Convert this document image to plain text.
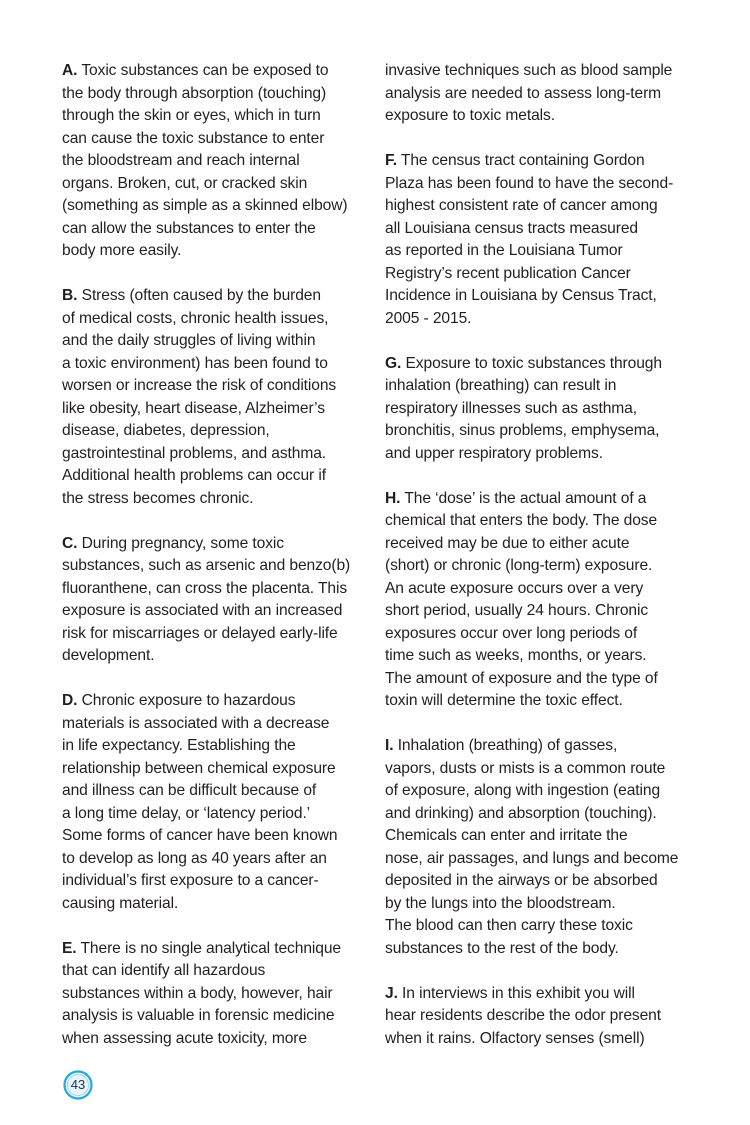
A. Toxic substances can be exposed to
the body through absorption (touching)
through the skin or eyes, which in turn
can cause the toxic substance to enter
the bloodstream and reach internal
organs. Broken, cut, or cracked skin
(something as simple as a skinned elbow)
can allow the substances to enter the
body more easily.
B. Stress (often caused by the burden
of medical costs, chronic health issues,
and the daily struggles of living within
a toxic environment) has been found to
worsen or increase the risk of conditions
like obesity, heart disease, Alzheimer’s
disease, diabetes, depression,
gastrointestinal problems, and asthma.
Additional health problems can occur if
the stress becomes chronic.
C. During pregnancy, some toxic
substances, such as arsenic and benzo(b)
fluoranthene, can cross the placenta. This
exposure is associated with an increased
risk for miscarriages or delayed early-life
development.
D. Chronic exposure to hazardous
materials is associated with a decrease
in life expectancy. Establishing the
relationship between chemical exposure
and illness can be difficult because of
a long time delay, or ‘latency period.’
Some forms of cancer have been known
to develop as long as 40 years after an
individual’s first exposure to a cancer-
causing material.
E. There is no single analytical technique
that can identify all hazardous
substances within a body, however, hair
analysis is valuable in forensic medicine
when assessing acute toxicity, more
invasive techniques such as blood sample
analysis are needed to assess long-term
exposure to toxic metals.
F. The census tract containing Gordon
Plaza has been found to have the second-
highest consistent rate of cancer among
all Louisiana census tracts measured
as reported in the Louisiana Tumor
Registry’s recent publication Cancer
Incidence in Louisiana by Census Tract,
2005 - 2015.
G. Exposure to toxic substances through
inhalation (breathing) can result in
respiratory illnesses such as asthma,
bronchitis, sinus problems, emphysema,
and upper respiratory problems.
H. The ‘dose’ is the actual amount of a
chemical that enters the body. The dose
received may be due to either acute
(short) or chronic (long-term) exposure.
An acute exposure occurs over a very
short period, usually 24 hours. Chronic
exposures occur over long periods of
time such as weeks, months, or years.
The amount of exposure and the type of
toxin will determine the toxic effect.
I. Inhalation (breathing) of gasses,
vapors, dusts or mists is a common route
of exposure, along with ingestion (eating
and drinking) and absorption (touching).
Chemicals can enter and irritate the
nose, air passages, and lungs and become
deposited in the airways or be absorbed
by the lungs into the bloodstream.
The blood can then carry these toxic
substances to the rest of the body.
J. In interviews in this exhibit you will
hear residents describe the odor present
when it rains. Olfactory senses (smell)
43
